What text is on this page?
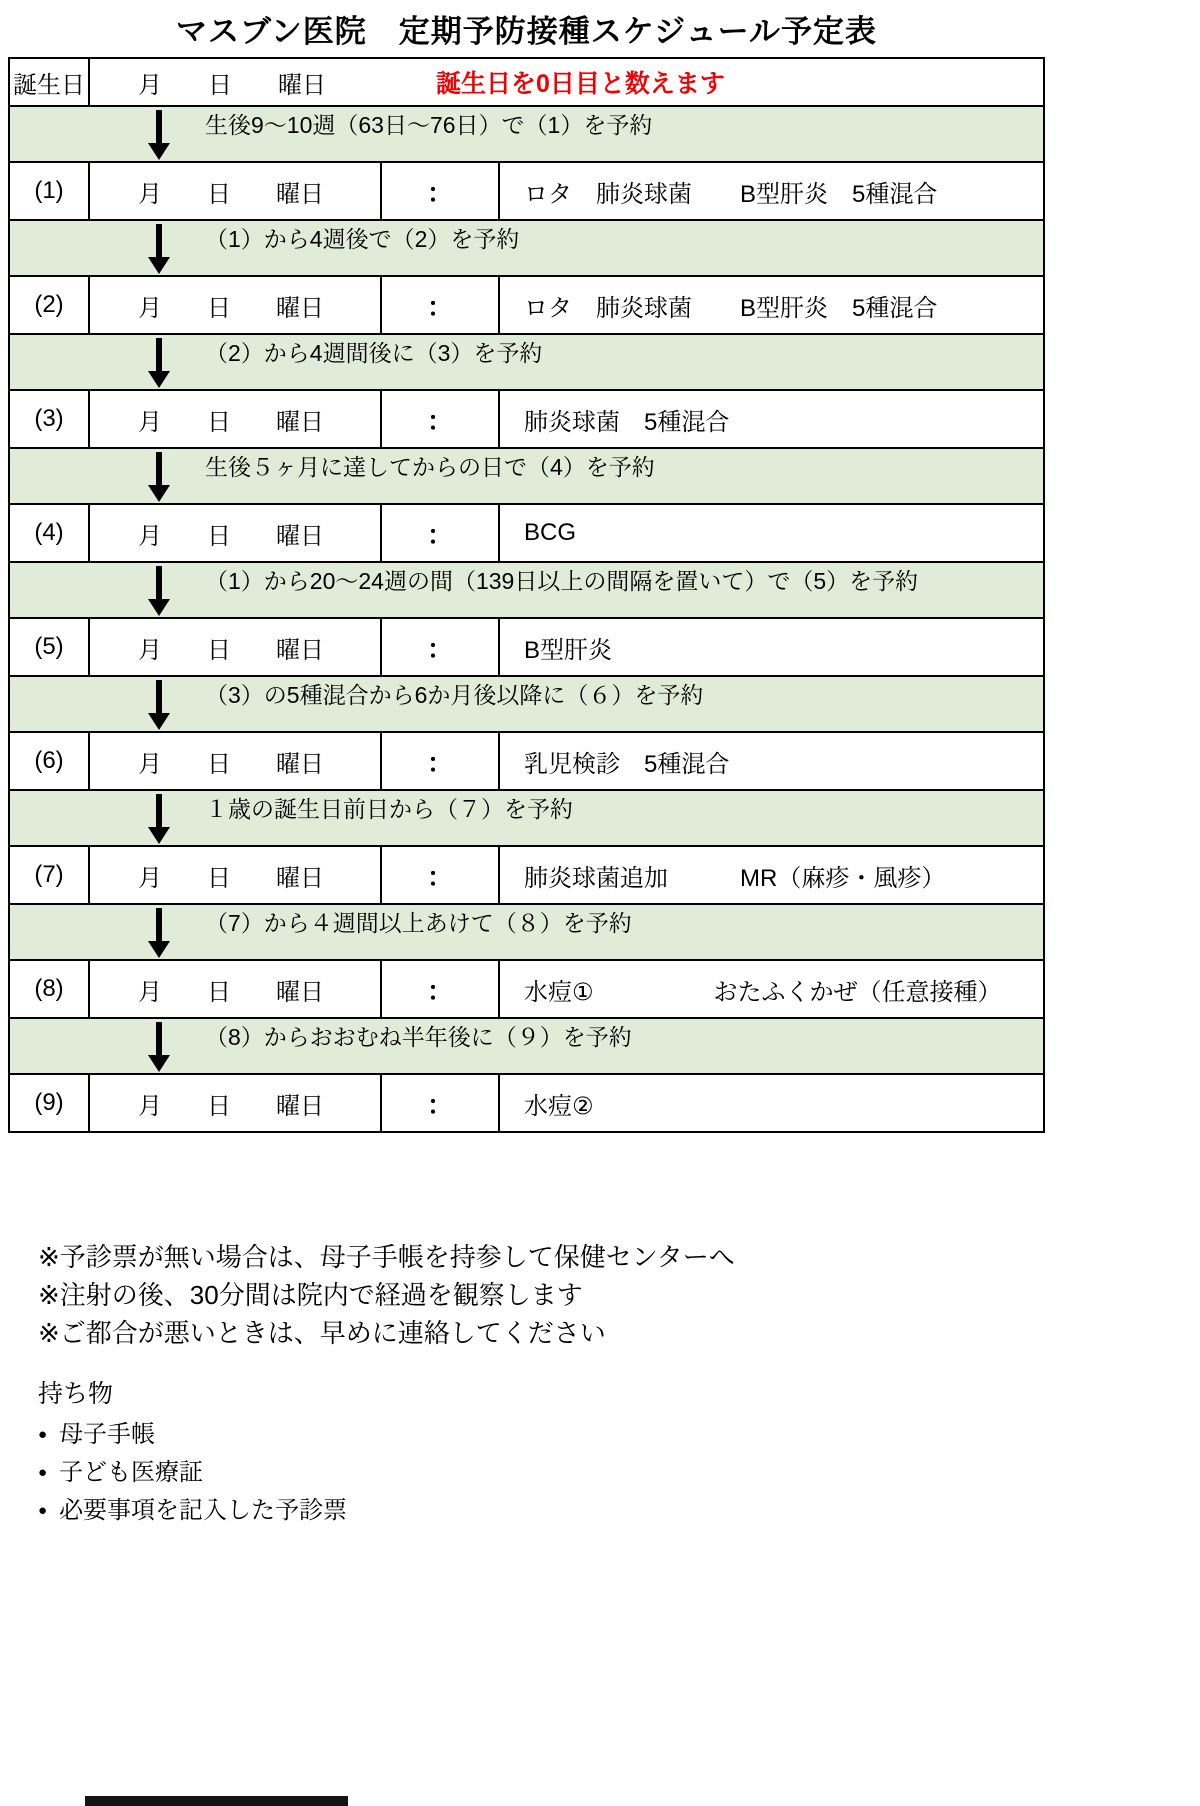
マスブン医院　定期予防接種スケジュール予定表
誕生日 月 日 曜日	誕生日を0日目と数えます
生後9～10週（63日～76日）で（1）を予約
(1)	月 日 曜日	：	ロタ　肺炎球菌　　B型肝炎　5種混合
（1）から4週後で（2）を予約
(2)	月 日 曜日	：	ロタ　肺炎球菌　　B型肝炎　5種混合
（2）から4週間後に（3）を予約
(3)	月 日 曜日	：	肺炎球菌　5種混合
生後５ヶ月に達してからの日で（4）を予約
(4)	月 日 曜日	：	BCG
（1）から20～24週の間（139日以上の間隔を置いて）で（5）を予約
(5)	月 日 曜日	：	B型肝炎
（3）の5種混合から6か月後以降に（６）を予約
(6)	月 日 曜日	：	乳児検診　5種混合
１歳の誕生日前日から（７）を予約
(7)	月 日 曜日	：	肺炎球菌追加　　　MR（麻疹・風疹）
（7）から４週間以上あけて（８）を予約
(8)	月 日 曜日	：	水痘①　　　　　おたふくかぜ（任意接種）
（8）からおおむね半年後に（９）を予約
(9)	月 日 曜日	：	水痘②
※予診票が無い場合は、母子手帳を持参して保健センターへ
※注射の後、30分間は院内で経過を観察します
※ご都合が悪いときは、早めに連絡してください
持ち物
● 母子手帳
● 子ども医療証
● 必要事項を記入した予診票
